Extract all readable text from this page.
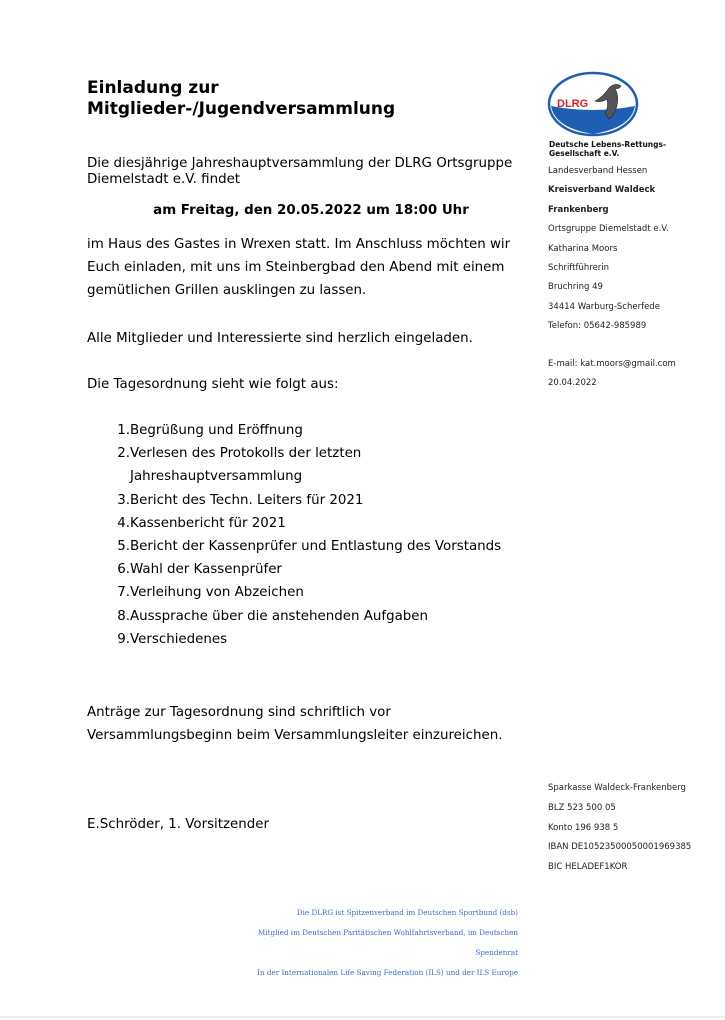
Einladung zur
Mitglieder-/Jugendversammlung
Die diesjährige Jahreshauptversammlung der DLRG Ortsgruppe Diemelstadt e.V. findet
am Freitag, den 20.05.2022 um 18:00 Uhr
im Haus des Gastes in Wrexen statt. Im Anschluss möchten wir Euch einladen, mit uns im Steinbergbad den Abend mit einem gemütlichen Grillen ausklingen zu lassen.
Alle Mitglieder und Interessierte sind herzlich eingeladen.
Die Tagesordnung sieht wie folgt aus:
1. Begrüßung und Eröffnung
2. Verlesen des Protokolls der letzten Jahreshauptversammlung
3. Bericht des Techn. Leiters für 2021
4. Kassenbericht für 2021
5. Bericht der Kassenprüfer und Entlastung des Vorstands
6. Wahl der Kassenprüfer
7. Verleihung von Abzeichen
8. Aussprache über die anstehenden Aufgaben
9. Verschiedenes
Anträge zur Tagesordnung sind schriftlich vor Versammlungsbeginn beim Versammlungsleiter einzureichen.
E.Schröder, 1. Vorsitzender
DLRG
Deutsche Lebens-Rettungs-
Gesellschaft e.V.
Landesverband Hessen
Kreisverband Waldeck
Frankenberg
Ortsgruppe Diemelstadt e.V.
Katharina Moors
Schriftführerin
Bruchring 49
34414 Warburg-Scherfede
Telefon: 05642-985989
E-mail: kat.moors@gmail.com
20.04.2022
Sparkasse Waldeck-Frankenberg
BLZ 523 500 05
Konto 196 938 5
IBAN DE10523500050001969385
BIC HELADEF1KOR
Die DLRG ist Spitzenverband im Deutschen Sportbund (dsb)
Mitglied im Deutschen Paritätischen Wohlfahrtsverband, im Deutschen Spendenrat
In der Internationalen Life Saving Federation (ILS) und der ILS Europe
